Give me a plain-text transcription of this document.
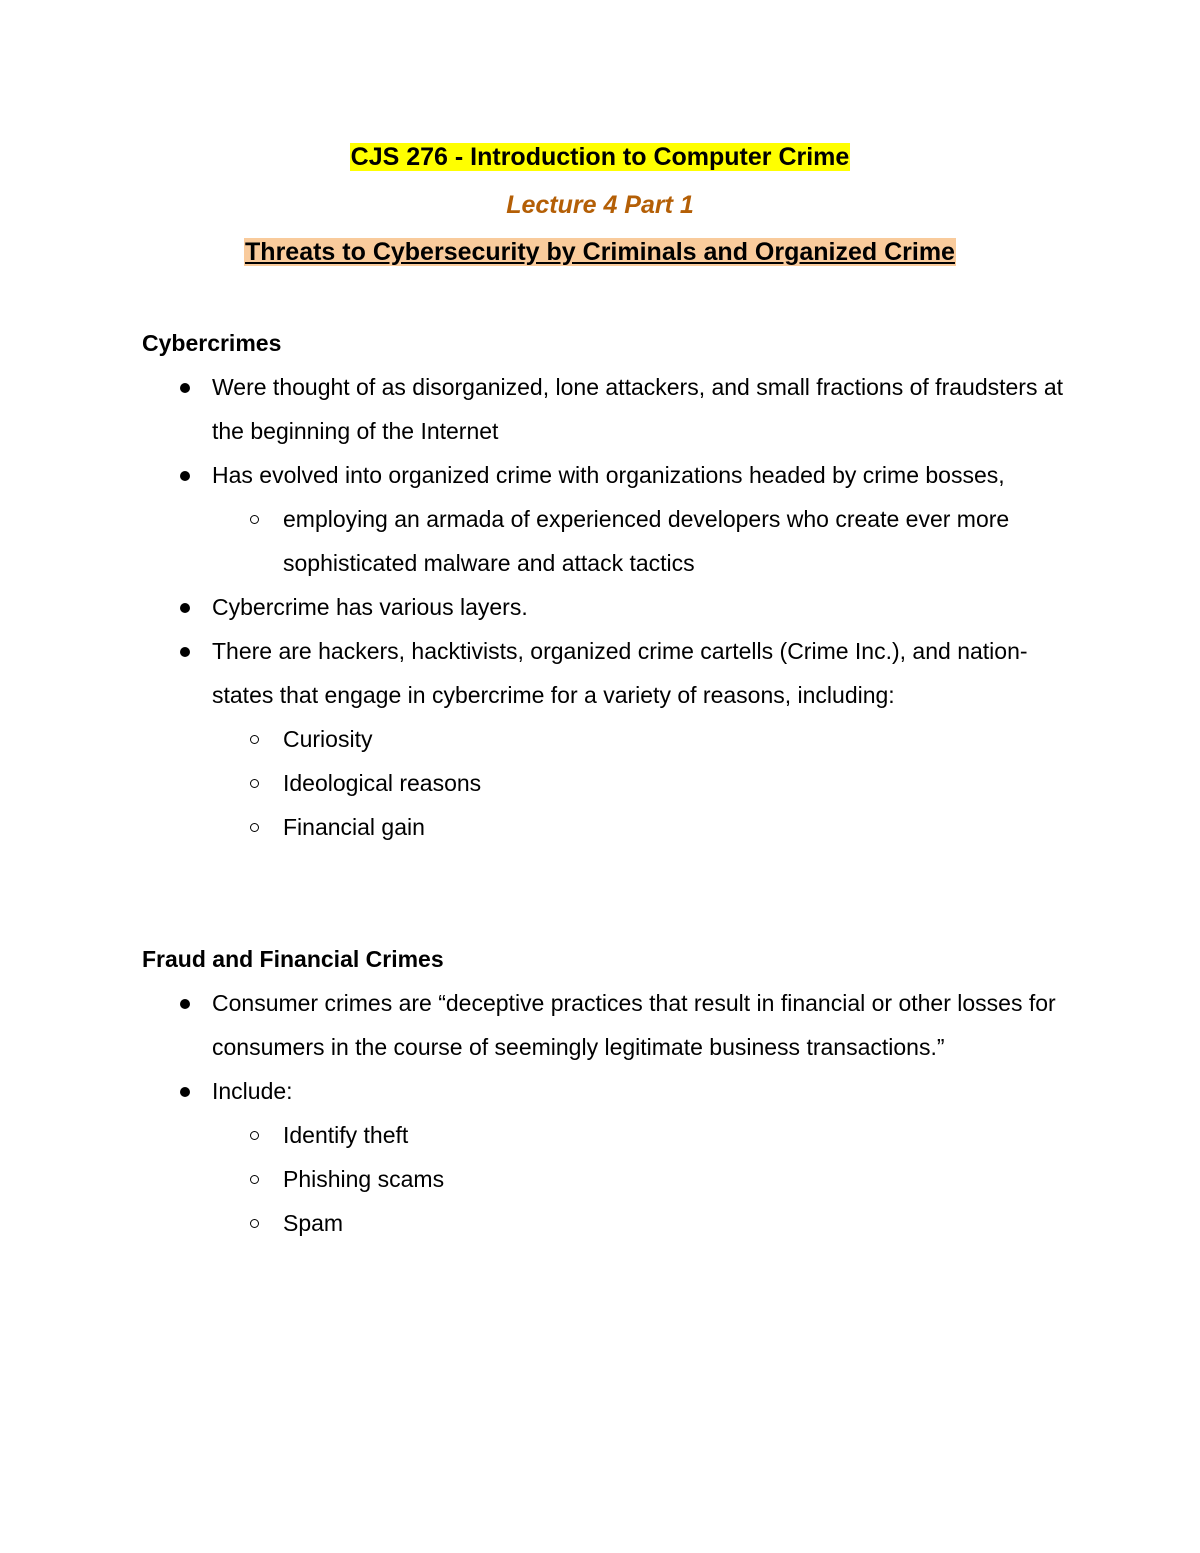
CJS 276 - Introduction to Computer Crime
Lecture 4 Part 1
Threats to Cybersecurity by Criminals and Organized Crime
Cybercrimes
Were thought of as disorganized, lone attackers, and small fractions of fraudsters at the beginning of the Internet
Has evolved into organized crime with organizations headed by crime bosses,
employing an armada of experienced developers who create ever more sophisticated malware and attack tactics
Cybercrime has various layers.
There are hackers, hacktivists, organized crime cartells (Crime Inc.), and nation-states that engage in cybercrime for a variety of reasons, including:
Curiosity
Ideological reasons
Financial gain
Fraud and Financial Crimes
Consumer crimes are “deceptive practices that result in financial or other losses for consumers in the course of seemingly legitimate business transactions.”
Include:
Identify theft
Phishing scams
Spam
